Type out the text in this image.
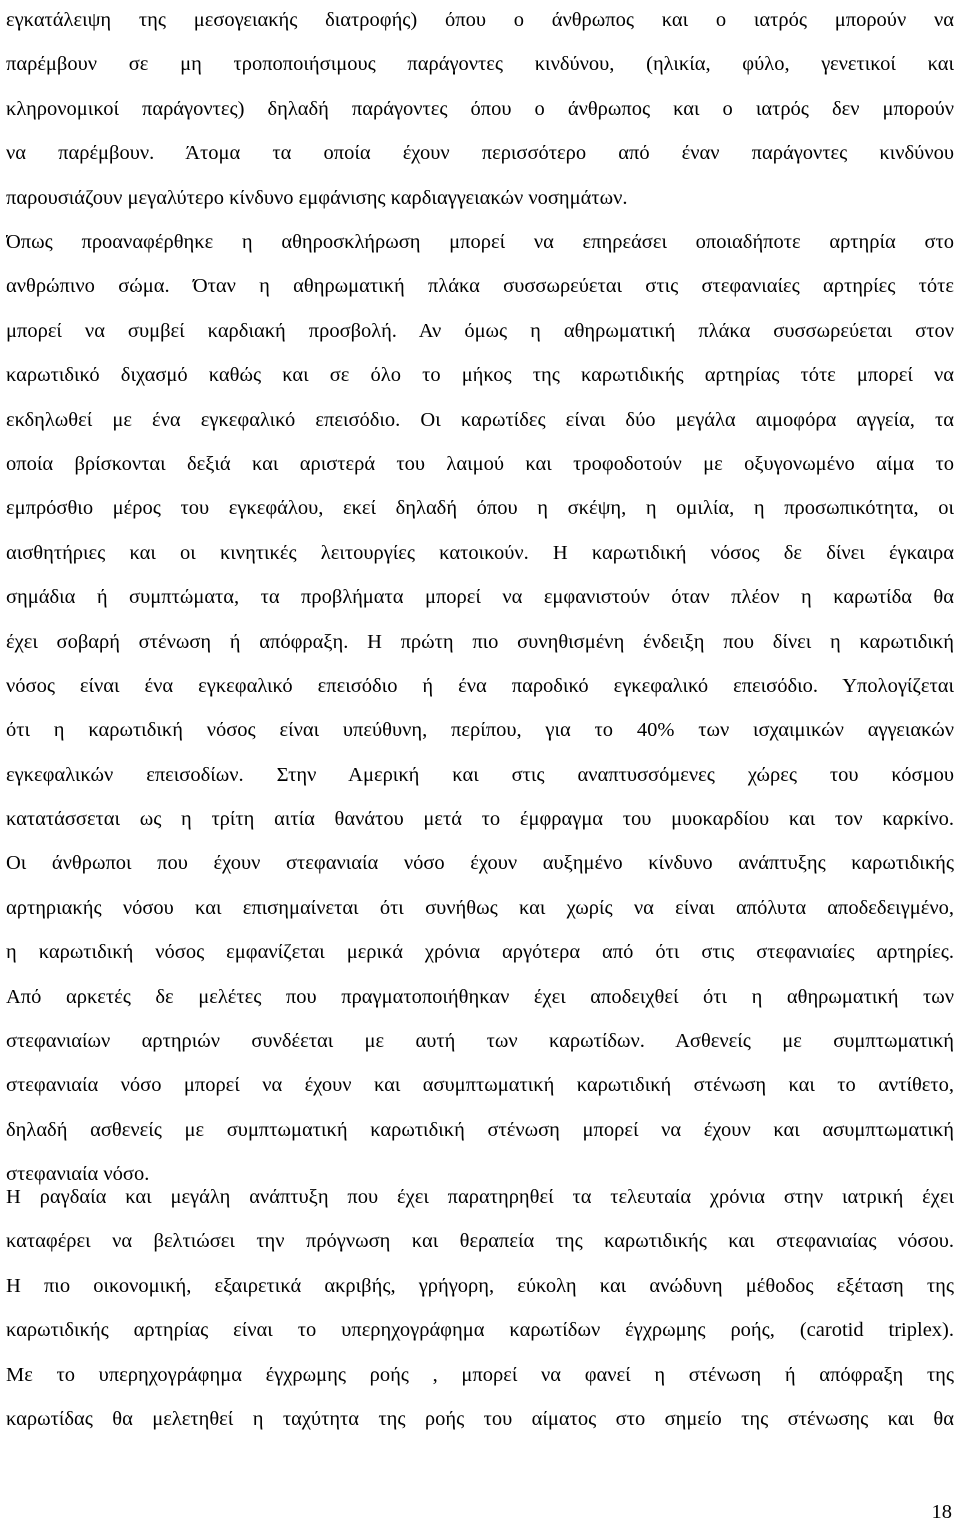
εγκατάλειψη της μεσογειακής διατροφής) όπου ο άνθρωπος και ο ιατρός μπορούν να
παρέμβουν σε μη τροποποιήσιμους παράγοντες κινδύνου, (ηλικία, φύλο, γενετικοί και
κληρονομικοί παράγοντες) δηλαδή παράγοντες όπου ο άνθρωπος και ο ιατρός δεν μπορούν
να παρέμβουν. Άτομα τα οποία έχουν περισσότερο από έναν παράγοντες κινδύνου
παρουσιάζουν μεγαλύτερο κίνδυνο εμφάνισης καρδιαγγειακών νοσημάτων.

Όπως προαναφέρθηκε η αθηροσκλήρωση μπορεί να επηρεάσει οποιαδήποτε αρτηρία στο
ανθρώπινο σώμα. Όταν η αθηρωματική πλάκα συσσωρεύεται στις στεφανιαίες αρτηρίες τότε
μπορεί να συμβεί καρδιακή προσβολή. Αν όμως η αθηρωματική πλάκα συσσωρεύεται στον
καρωτιδικό διχασμό καθώς και σε όλο το μήκος της καρωτιδικής αρτηρίας τότε μπορεί να
εκδηλωθεί με ένα εγκεφαλικό επεισόδιο. Οι καρωτίδες είναι δύο μεγάλα αιμοφόρα αγγεία, τα
οποία βρίσκονται δεξιά και αριστερά του λαιμού και τροφοδοτούν με οξυγονωμένο αίμα το
εμπρόσθιο μέρος του εγκεφάλου, εκεί δηλαδή όπου η σκέψη, η ομιλία, η προσωπικότητα, οι
αισθητήριες και οι κινητικές λειτουργίες κατοικούν. Η καρωτιδική νόσος δε δίνει έγκαιρα
σημάδια ή συμπτώματα, τα προβλήματα μπορεί να εμφανιστούν όταν πλέον η καρωτίδα θα
έχει σοβαρή στένωση ή απόφραξη. Η πρώτη πιο συνηθισμένη ένδειξη που δίνει η καρωτιδική
νόσος είναι ένα εγκεφαλικό επεισόδιο ή ένα παροδικό εγκεφαλικό επεισόδιο. Υπολογίζεται
ότι η καρωτιδική νόσος είναι υπεύθυνη, περίπου, για το 40% των ισχαιμικών αγγειακών
εγκεφαλικών επεισοδίων. Στην Αμερική και στις αναπτυσσόμενες χώρες του κόσμου
κατατάσσεται ως η τρίτη αιτία θανάτου μετά το έμφραγμα του μυοκαρδίου και τον καρκίνο.
Οι άνθρωποι που έχουν στεφανιαία νόσο έχουν αυξημένο κίνδυνο ανάπτυξης καρωτιδικής
αρτηριακής νόσου και επισημαίνεται ότι συνήθως και χωρίς να είναι απόλυτα αποδεδειγμένο,
η καρωτιδική νόσος εμφανίζεται μερικά χρόνια αργότερα από ότι στις στεφανιαίες αρτηρίες.
Από αρκετές δε μελέτες που πραγματοποιήθηκαν έχει αποδειχθεί ότι η αθηρωματική των
στεφανιαίων αρτηριών συνδέεται με αυτή των καρωτίδων. Ασθενείς με συμπτωματική
στεφανιαία νόσο μπορεί να έχουν και ασυμπτωματική καρωτιδική στένωση και το αντίθετο,
δηλαδή ασθενείς με συμπτωματική καρωτιδική στένωση μπορεί να έχουν και ασυμπτωματική
στεφανιαία νόσο.

Η ραγδαία και μεγάλη ανάπτυξη που έχει παρατηρηθεί τα τελευταία χρόνια στην ιατρική έχει
καταφέρει να βελτιώσει την πρόγνωση και θεραπεία της καρωτιδικής και στεφανιαίας νόσου.
Η πιο οικονομική, εξαιρετικά ακριβής, γρήγορη, εύκολη και ανώδυνη μέθοδος εξέταση της
καρωτιδικής αρτηρίας είναι το υπερηχογράφημα καρωτίδων έγχρωμης ροής, (carotid triplex).
Με το υπερηχογράφημα έγχρωμης ροής , μπορεί να φανεί η στένωση ή απόφραξη της
καρωτίδας θα μελετηθεί η ταχύτητα της ροής του αίματος στο σημείο της στένωσης και θα

18
